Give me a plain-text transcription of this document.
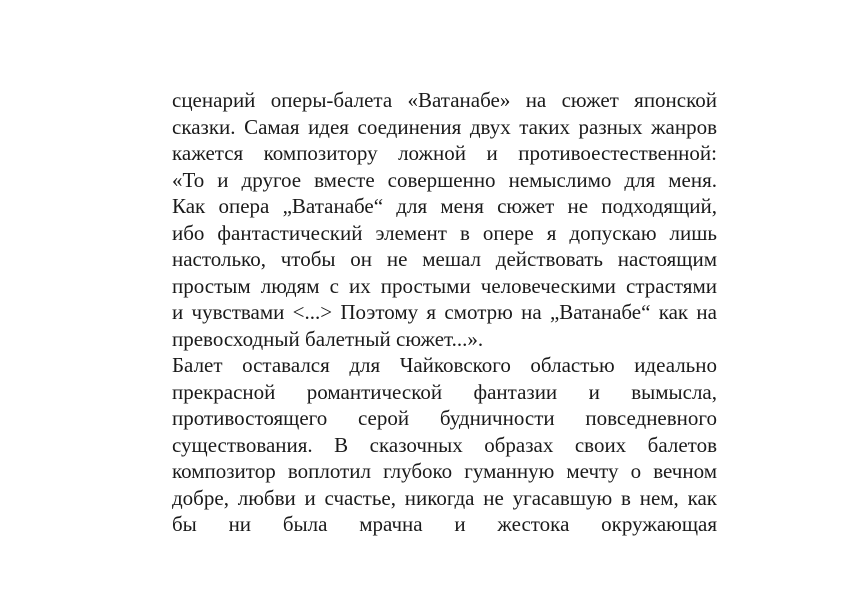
сценарий оперы-балета «Ватанабе» на сюжет японской
сказки. Самая идея соединения двух таких разных жанров
кажется композитору ложной и противоестественной:
«То и другое вместе совершенно немыслимо для меня.
Как опера „Ватанабе“ для меня сюжет не подходящий,
ибо фантастический элемент в опере я допускаю лишь
настолько, чтобы он не мешал действовать настоящим
простым людям с их простыми человеческими страстями
и чувствами <...> Поэтому я смотрю на „Ватанабе“ как на
превосходный балетный сюжет...».
Балет оставался для Чайковского областью идеально
прекрасной романтической фантазии и вымысла,
противостоящего серой будничности повседневного
существования. В сказочных образах своих балетов
композитор воплотил глубоко гуманную мечту о вечном
добре, любви и счастье, никогда не угасавшую в нем, как
бы ни была мрачна и жестока окружающая
